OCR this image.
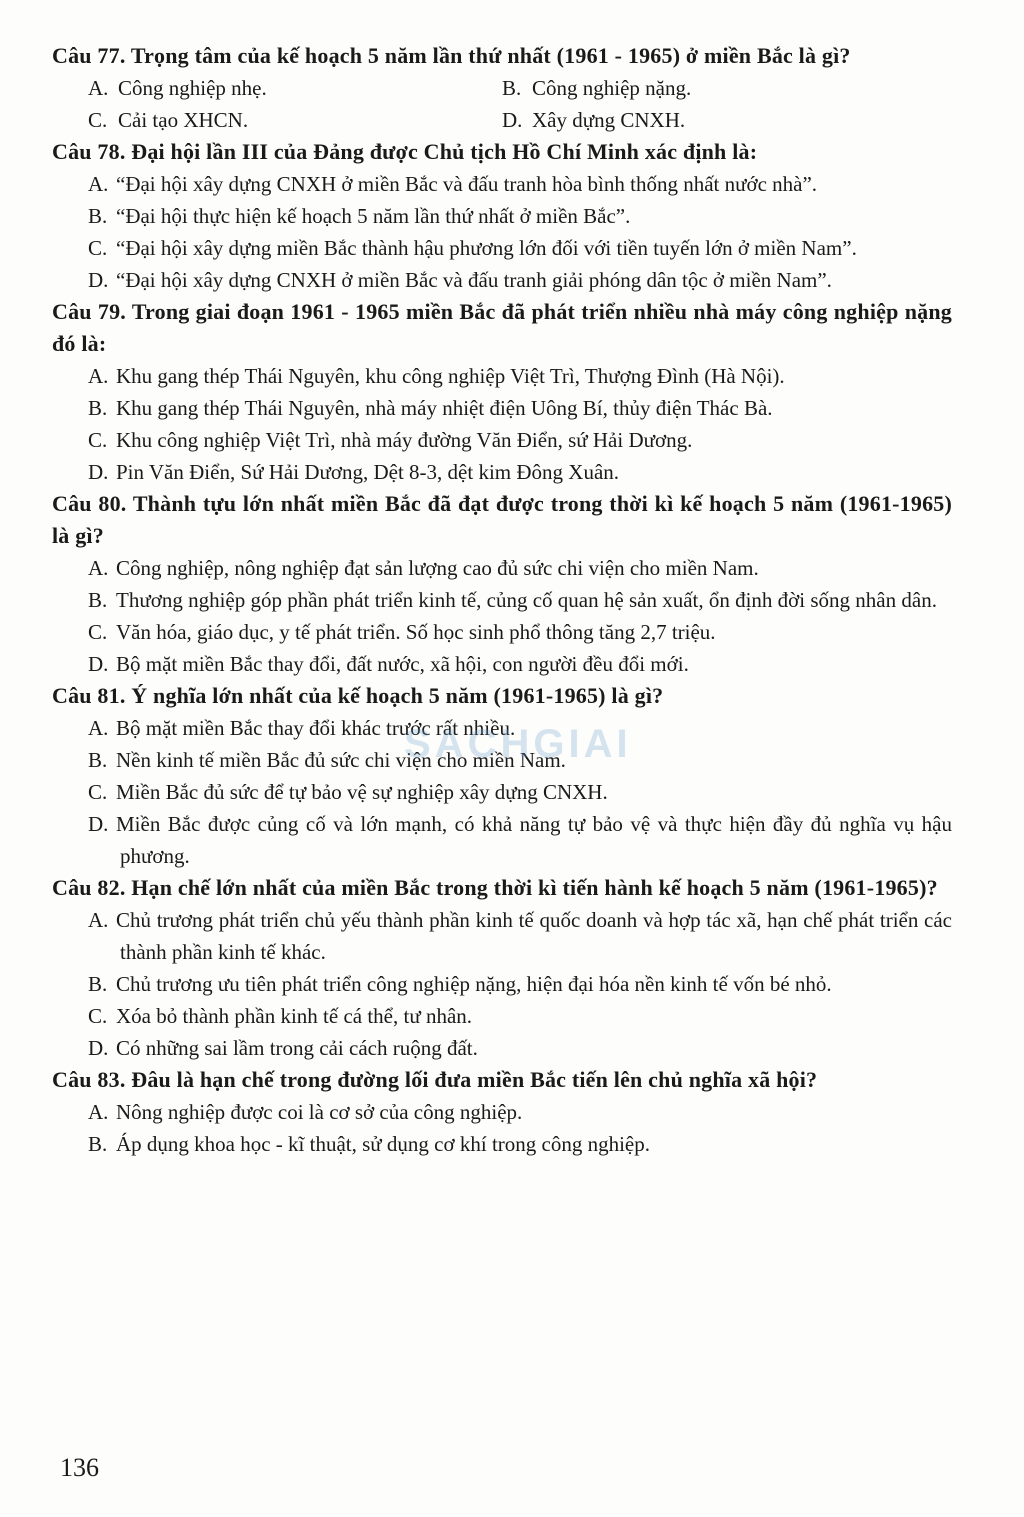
Câu 77. Trọng tâm của kế hoạch 5 năm lần thứ nhất (1961 - 1965) ở miền Bắc là gì?

A. Công nghiệp nhẹ.	B. Công nghiệp nặng.
C. Cải tạo XHCN.	D. Xây dựng CNXH.

Câu 78. Đại hội lần III của Đảng được Chủ tịch Hồ Chí Minh xác định là:

A. “Đại hội xây dựng CNXH ở miền Bắc và đấu tranh hòa bình thống nhất nước nhà”.

B. “Đại hội thực hiện kế hoạch 5 năm lần thứ nhất ở miền Bắc”.

C. “Đại hội xây dựng miền Bắc thành hậu phương lớn đối với tiền tuyến lớn ở miền Nam”.

D. “Đại hội xây dựng CNXH ở miền Bắc và đấu tranh giải phóng dân tộc ở miền Nam”.

Câu 79. Trong giai đoạn 1961 - 1965 miền Bắc đã phát triển nhiều nhà máy công nghiệp nặng đó là:

A. Khu gang thép Thái Nguyên, khu công nghiệp Việt Trì, Thượng Đình (Hà Nội).

B. Khu gang thép Thái Nguyên, nhà máy nhiệt điện Uông Bí, thủy điện Thác Bà.

C. Khu công nghiệp Việt Trì, nhà máy đường Văn Điển, sứ Hải Dương.

D. Pin Văn Điển, Sứ Hải Dương, Dệt 8-3, dệt kim Đông Xuân.

Câu 80. Thành tựu lớn nhất miền Bắc đã đạt được trong thời kì kế hoạch 5 năm (1961-1965) là gì?

A. Công nghiệp, nông nghiệp đạt sản lượng cao đủ sức chi viện cho miền Nam.

B. Thương nghiệp góp phần phát triển kinh tế, củng cố quan hệ sản xuất, ổn định đời sống nhân dân.

C. Văn hóa, giáo dục, y tế phát triển. Số học sinh phổ thông tăng 2,7 triệu.

D. Bộ mặt miền Bắc thay đổi, đất nước, xã hội, con người đều đổi mới.

Câu 81. Ý nghĩa lớn nhất của kế hoạch 5 năm (1961-1965) là gì?

A. Bộ mặt miền Bắc thay đổi khác trước rất nhiều.

B. Nền kinh tế miền Bắc đủ sức chi viện cho miền Nam.

C. Miền Bắc đủ sức để tự bảo vệ sự nghiệp xây dựng CNXH.

D. Miền Bắc được củng cố và lớn mạnh, có khả năng tự bảo vệ và thực hiện đầy đủ nghĩa vụ hậu phương.

Câu 82. Hạn chế lớn nhất của miền Bắc trong thời kì tiến hành kế hoạch 5 năm (1961-1965)?

A. Chủ trương phát triển chủ yếu thành phần kinh tế quốc doanh và hợp tác xã, hạn chế phát triển các thành phần kinh tế khác.

B. Chủ trương ưu tiên phát triển công nghiệp nặng, hiện đại hóa nền kinh tế vốn bé nhỏ.

C. Xóa bỏ thành phần kinh tế cá thể, tư nhân.

D. Có những sai lầm trong cải cách ruộng đất.

Câu 83. Đâu là hạn chế trong đường lối đưa miền Bắc tiến lên chủ nghĩa xã hội?

A. Nông nghiệp được coi là cơ sở của công nghiệp.

B. Áp dụng khoa học - kĩ thuật, sử dụng cơ khí trong công nghiệp.

SACHGIAI
136
